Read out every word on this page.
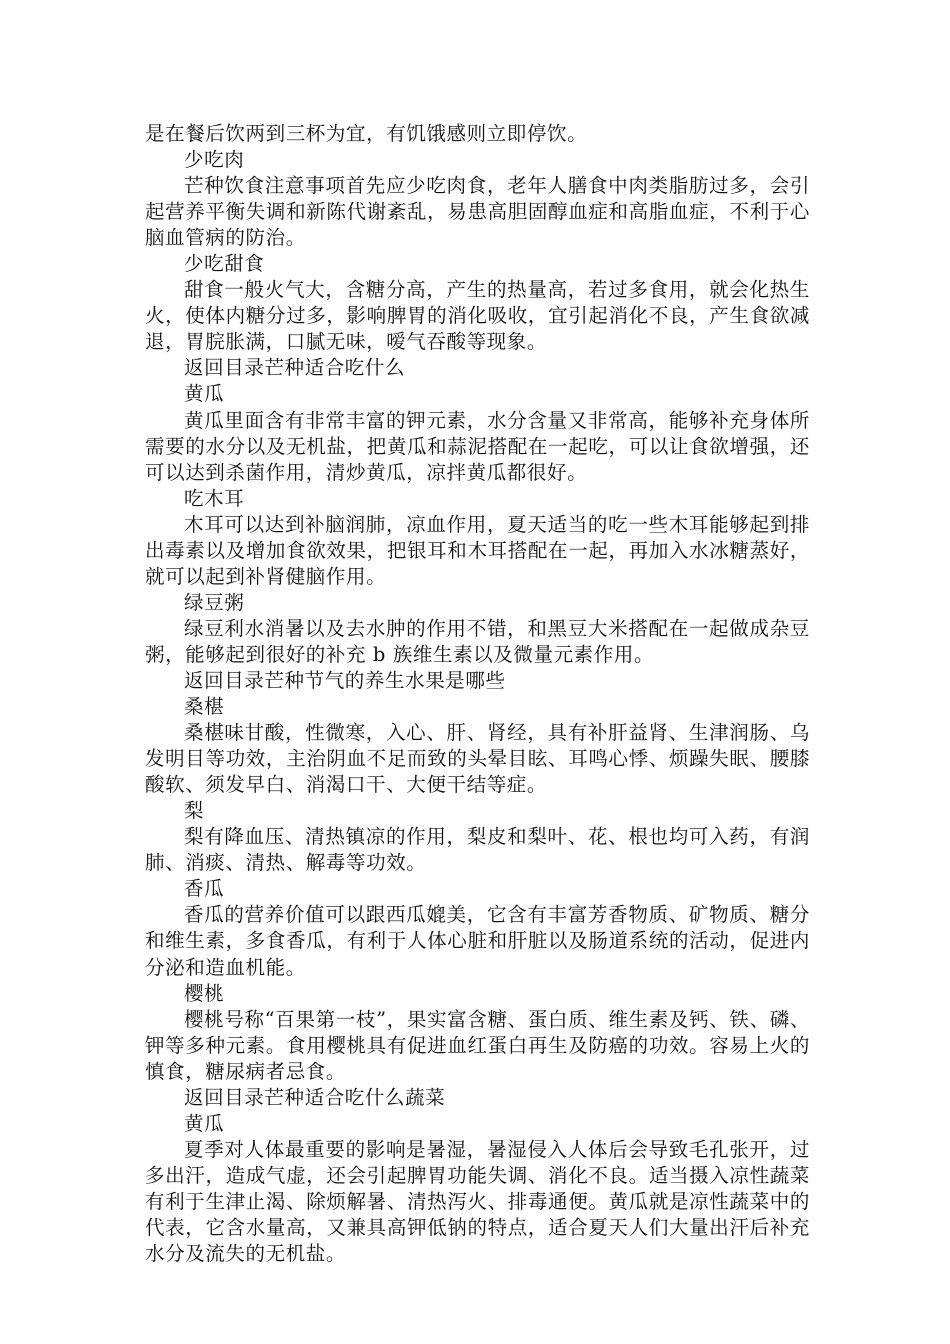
是在餐后饮两到三杯为宜，有饥饿感则立即停饮。

少吃肉

芒种饮食注意事项首先应少吃肉食，老年人膳食中肉类脂肪过多，会引起营养平衡失调和新陈代谢紊乱，易患高胆固醇血症和高脂血症，不利于心脑血管病的防治。

少吃甜食

甜食一般火气大，含糖分高，产生的热量高，若过多食用，就会化热生火，使体内糖分过多，影响脾胃的消化吸收，宜引起消化不良，产生食欲减退，胃脘胀满，口腻无味，嗳气吞酸等现象。

返回目录芒种适合吃什么

黄瓜

黄瓜里面含有非常丰富的钾元素，水分含量又非常高，能够补充身体所需要的水分以及无机盐，把黄瓜和蒜泥搭配在一起吃，可以让食欲增强，还可以达到杀菌作用，清炒黄瓜，凉拌黄瓜都很好。

吃木耳

木耳可以达到补脑润肺，凉血作用，夏天适当的吃一些木耳能够起到排出毒素以及增加食欲效果，把银耳和木耳搭配在一起，再加入水冰糖蒸好，就可以起到补肾健脑作用。

绿豆粥

绿豆利水消暑以及去水肿的作用不错，和黑豆大米搭配在一起做成杂豆粥，能够起到很好的补充 b 族维生素以及微量元素作用。

返回目录芒种节气的养生水果是哪些

桑椹

桑椹味甘酸，性微寒，入心、肝、肾经，具有补肝益肾、生津润肠、乌发明目等功效，主治阴血不足而致的头晕目眩、耳鸣心悸、烦躁失眠、腰膝酸软、须发早白、消渴口干、大便干结等症。

梨

梨有降血压、清热镇凉的作用，梨皮和梨叶、花、根也均可入药，有润肺、消痰、清热、解毒等功效。

香瓜

香瓜的营养价值可以跟西瓜媲美，它含有丰富芳香物质、矿物质、糖分和维生素，多食香瓜，有利于人体心脏和肝脏以及肠道系统的活动，促进内分泌和造血机能。

樱桃

樱桃号称“百果第一枝”，果实富含糖、蛋白质、维生素及钙、铁、磷、钾等多种元素。食用樱桃具有促进血红蛋白再生及防癌的功效。容易上火的慎食，糖尿病者忌食。

返回目录芒种适合吃什么蔬菜

黄瓜

夏季对人体最重要的影响是暑湿，暑湿侵入人体后会导致毛孔张开，过多出汗，造成气虚，还会引起脾胃功能失调、消化不良。适当摄入凉性蔬菜有利于生津止渴、除烦解暑、清热泻火、排毒通便。黄瓜就是凉性蔬菜中的代表，它含水量高，又兼具高钾低钠的特点，适合夏天人们大量出汗后补充水分及流失的无机盐。
